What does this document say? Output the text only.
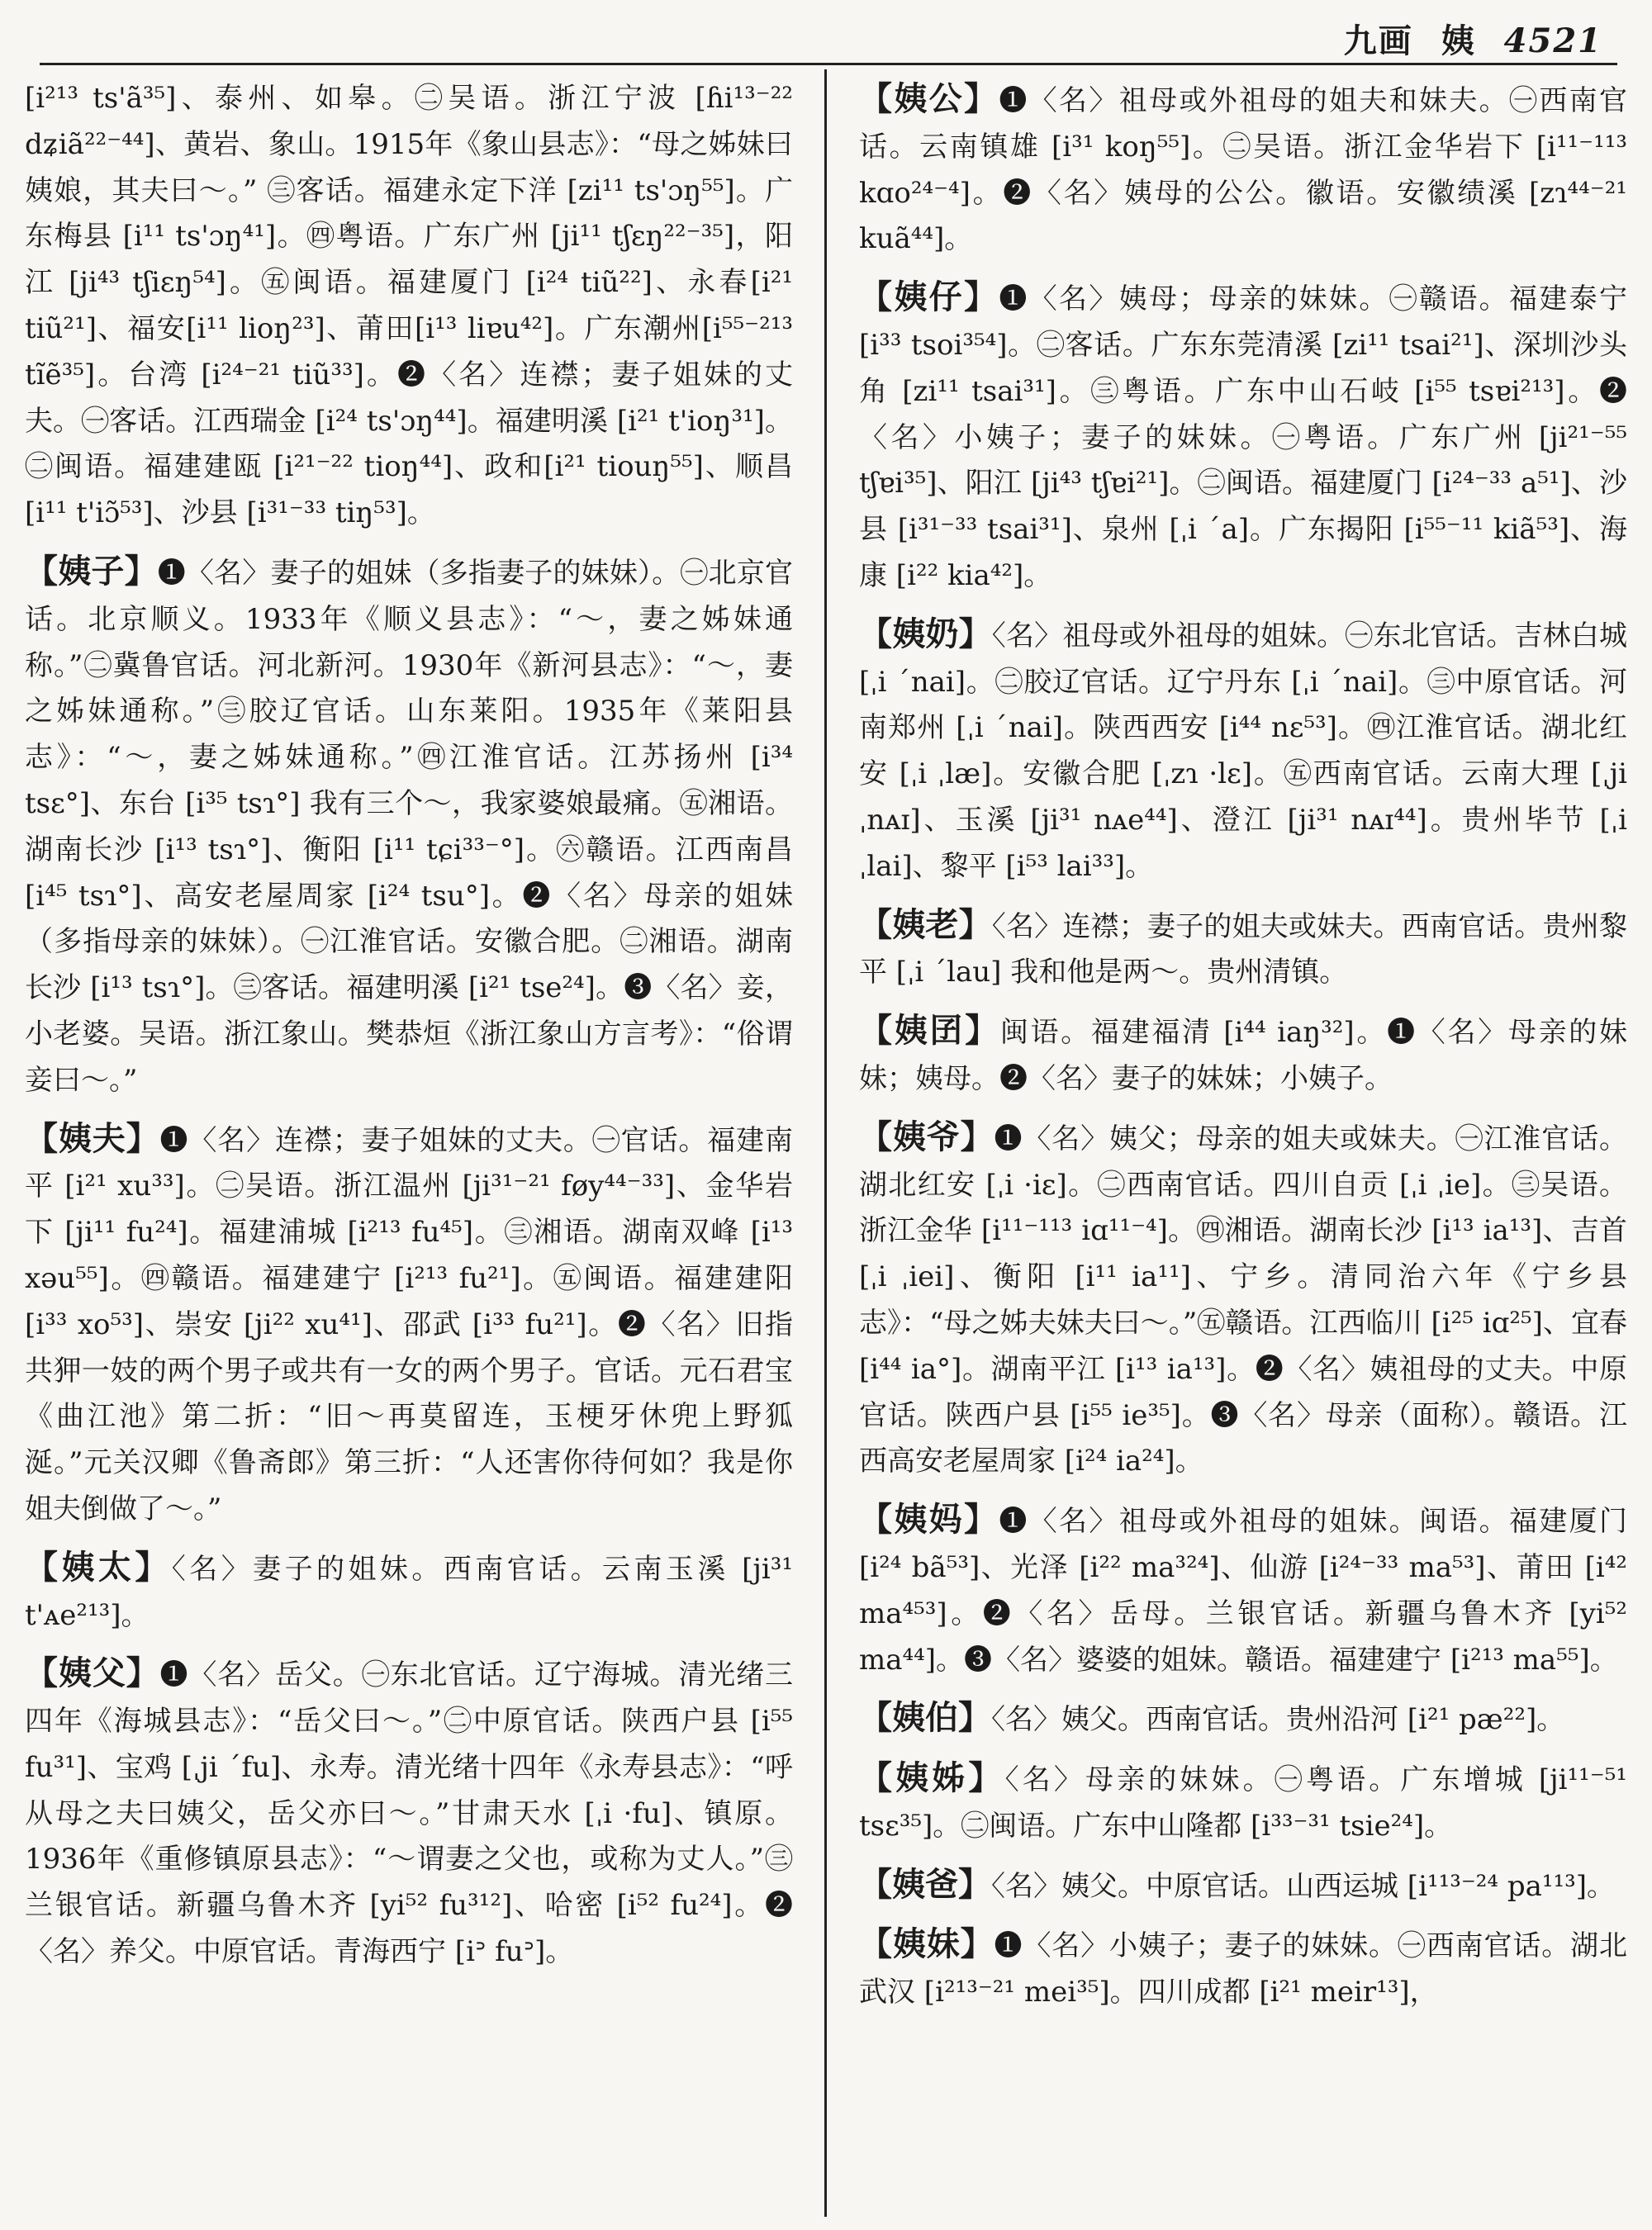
九画 姨 4521
[i²¹³ ts'ã³⁵]、泰州、如皋。㊁吴语。浙江宁波 [ɦi¹³⁻²² dʑiã²²⁻⁴⁴]、黄岩、象山。1915年《象山县志》：“母之姊妹曰姨娘，其夫曰～。” ㊂客话。福建永定下洋 [zi¹¹ ts'ɔŋ⁵⁵]。广东梅县 [i¹¹ ts'ɔŋ⁴¹]。㊃粤语。广东广州 [ji¹¹ tʃɛŋ²²⁻³⁵]，阳江 [ji⁴³ tʃiɛŋ⁵⁴]。㊄闽语。福建厦门 [i²⁴ tiũ²²]、永春[i²¹ tiũ²¹]、福安[i¹¹ lioŋ²³]、莆田[i¹³ liɐu⁴²]。广东潮州[i⁵⁵⁻²¹³ tĩẽ³⁵]。台湾 [i²⁴⁻²¹ tiũ³³]。❷〈名〉连襟；妻子姐妹的丈夫。㊀客话。江西瑞金 [i²⁴ ts'ɔŋ⁴⁴]。福建明溪 [i²¹ t'ioŋ³¹]。㊁闽语。福建建瓯 [i²¹⁻²² tioŋ⁴⁴]、政和[i²¹ tiouŋ⁵⁵]、顺昌 [i¹¹ t'iɔ̃⁵³]、沙县 [i³¹⁻³³ tiŋ⁵³]。
【姨子】❶〈名〉妻子的姐妹（多指妻子的妹妹）。㊀北京官话。北京顺义。1933年《顺义县志》：“～，妻之姊妹通称。”㊁冀鲁官话。河北新河。1930年《新河县志》：“～，妻之姊妹通称。”㊂胶辽官话。山东莱阳。1935年《莱阳县志》：“～，妻之姊妹通称。”㊃江淮官话。江苏扬州 [i³⁴ tsɛ°]、东台 [i³⁵ tsɿ°] 我有三个～，我家婆娘最痛。㊄湘语。湖南长沙 [i¹³ tsɿ°]、衡阳 [i¹¹ tɕi³³⁻°]。㊅赣语。江西南昌 [i⁴⁵ tsɿ°]、高安老屋周家 [i²⁴ tsu°]。❷〈名〉母亲的姐妹（多指母亲的妹妹）。㊀江淮官话。安徽合肥。㊁湘语。湖南长沙 [i¹³ tsɿ°]。㊂客话。福建明溪 [i²¹ tse²⁴]。❸〈名〉妾，小老婆。吴语。浙江象山。樊恭烜《浙江象山方言考》：“俗谓妾曰～。”
【姨夫】❶〈名〉连襟；妻子姐妹的丈夫。㊀官话。福建南平 [i²¹ xu³³]。㊁吴语。浙江温州 [ji³¹⁻²¹ føy⁴⁴⁻³³]、金华岩下 [ji¹¹ fu²⁴]。福建浦城 [i²¹³ fu⁴⁵]。㊂湘语。湖南双峰 [i¹³ xəu⁵⁵]。㊃赣语。福建建宁 [i²¹³ fu²¹]。㊄闽语。福建建阳 [i³³ xo⁵³]、崇安 [ji²² xu⁴¹]、邵武 [i³³ fu²¹]。❷〈名〉旧指共狎一妓的两个男子或共有一女的两个男子。官话。元石君宝《曲江池》第二折：“旧～再莫留连，玉梗牙休兜上野狐涎。”元关汉卿《鲁斋郎》第三折：“人还害你待何如？我是你姐夫倒做了～。”
【姨太】〈名〉妻子的姐妹。西南官话。云南玉溪 [ji³¹ t'ᴀe²¹³]。
【姨父】❶〈名〉岳父。㊀东北官话。辽宁海城。清光绪三四年《海城县志》：“岳父曰～。”㊁中原官话。陕西户县 [i⁵⁵ fu³¹]、宝鸡 [ˌji ˊfu]、永寿。清光绪十四年《永寿县志》：“呼从母之夫曰姨父，岳父亦曰～。”甘肃天水 [ˌi ·fu]、镇原。1936年《重修镇原县志》：“～谓妻之父也，或称为丈人。”㊂兰银官话。新疆乌鲁木齐 [yi⁵² fu³¹²]、哈密 [i⁵² fu²⁴]。❷〈名〉养父。中原官话。青海西宁 [iᐣ fuᐣ]。
【姨公】❶〈名〉祖母或外祖母的姐夫和妹夫。㊀西南官话。云南镇雄 [i³¹ koŋ⁵⁵]。㊁吴语。浙江金华岩下 [i¹¹⁻¹¹³ kɑo²⁴⁻⁴]。❷〈名〉姨母的公公。徽语。安徽绩溪 [zɿ⁴⁴⁻²¹ kuã⁴⁴]。
【姨仔】❶〈名〉姨母；母亲的妹妹。㊀赣语。福建泰宁 [i³³ tsoi³⁵⁴]。㊁客话。广东东莞清溪 [zi¹¹ tsai²¹]、深圳沙头角 [zi¹¹ tsai³¹]。㊂粤语。广东中山石岐 [i⁵⁵ tsɐi²¹³]。❷〈名〉小姨子；妻子的妹妹。㊀粤语。广东广州 [ji²¹⁻⁵⁵ tʃɐi³⁵]、阳江 [ji⁴³ tʃɐi²¹]。㊁闽语。福建厦门 [i²⁴⁻³³ a⁵¹]、沙县 [i³¹⁻³³ tsai³¹]、泉州 [ˌi ˊa]。广东揭阳 [i⁵⁵⁻¹¹ kiã⁵³]、海康 [i²² kia⁴²]。
【姨奶】〈名〉祖母或外祖母的姐妹。㊀东北官话。吉林白城 [ˌi ˊnai]。㊁胶辽官话。辽宁丹东 [ˌi ˊnai]。㊂中原官话。河南郑州 [ˌi ˊnai]。陕西西安 [i⁴⁴ nɛ⁵³]。㊃江淮官话。湖北红安 [ˌi ˌlæ]。安徽合肥 [ˌzɿ ·lɛ]。㊄西南官话。云南大理 [ˌji ˌnᴀɪ]、玉溪 [ji³¹ nᴀe⁴⁴]、澄江 [ji³¹ nᴀɪ⁴⁴]。贵州毕节 [ˌi ˌlai]、黎平 [i⁵³ lai³³]。
【姨老】〈名〉连襟；妻子的姐夫或妹夫。西南官话。贵州黎平 [ˌi ˊlau] 我和他是两～。贵州清镇。
【姨囝】闽语。福建福清 [i⁴⁴ iaŋ³²]。❶〈名〉母亲的妹妹；姨母。❷〈名〉妻子的妹妹；小姨子。
【姨爷】❶〈名〉姨父；母亲的姐夫或妹夫。㊀江淮官话。湖北红安 [ˌi ·iɛ]。㊁西南官话。四川自贡 [ˌi ˌie]。㊂吴语。浙江金华 [i¹¹⁻¹¹³ iɑ¹¹⁻⁴]。㊃湘语。湖南长沙 [i¹³ ia¹³]、吉首 [ˌi ˌiei]、衡阳 [i¹¹ ia¹¹]、宁乡。清同治六年《宁乡县志》：“母之姊夫妹夫曰～。”㊄赣语。江西临川 [i²⁵ iɑ²⁵]、宜春 [i⁴⁴ ia°]。湖南平江 [i¹³ ia¹³]。❷〈名〉姨祖母的丈夫。中原官话。陕西户县 [i⁵⁵ ie³⁵]。❸〈名〉母亲（面称）。赣语。江西高安老屋周家 [i²⁴ ia²⁴]。
【姨妈】❶〈名〉祖母或外祖母的姐妹。闽语。福建厦门 [i²⁴ bã⁵³]、光泽 [i²² ma³²⁴]、仙游 [i²⁴⁻³³ ma⁵³]、莆田 [i⁴² ma⁴⁵³]。❷〈名〉岳母。兰银官话。新疆乌鲁木齐 [yi⁵² ma⁴⁴]。❸〈名〉婆婆的姐妹。赣语。福建建宁 [i²¹³ ma⁵⁵]。
【姨伯】〈名〉姨父。西南官话。贵州沿河 [i²¹ pæ²²]。
【姨姊】〈名〉母亲的妹妹。㊀粤语。广东增城 [ji¹¹⁻⁵¹ tsɛ³⁵]。㊁闽语。广东中山隆都 [i³³⁻³¹ tsie²⁴]。
【姨爸】〈名〉姨父。中原官话。山西运城 [i¹¹³⁻²⁴ pa¹¹³]。
【姨妹】❶〈名〉小姨子；妻子的妹妹。㊀西南官话。湖北武汉 [i²¹³⁻²¹ mei³⁵]。四川成都 [i²¹ meir¹³]，
